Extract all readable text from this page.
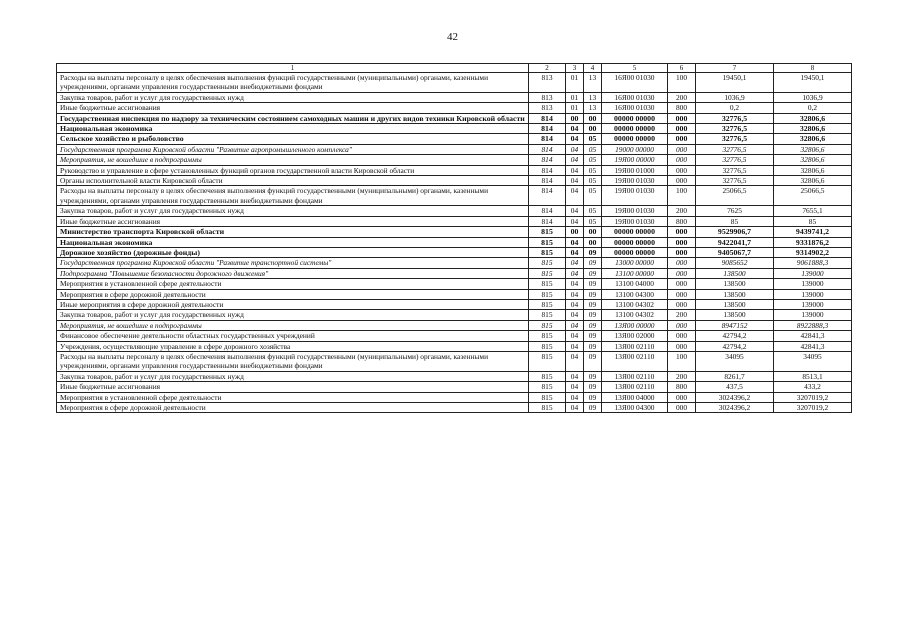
42
1	2	3	4	5	6	7	8
Расходы на выплаты персоналу в целях обеспечения выполнения функций государственными (муниципальными) органами, казенными учреждениями, органами управления государственными внебюджетными фондами	813	01	13	16Я00 01030	100	19450,1	19450,1
Закупка товаров, работ и услуг для государственных нужд	813	01	13	16Я00 01030	200	1036,9	1036,9
Иные бюджетные ассигнования	813	01	13	16Я00 01030	800	0,2	0,2
Государственная инспекция по надзору за техническим состоянием самоходных машин и других видов техники Кировской области	814	00	00	00000 00000	000	32776,5	32806,6
Национальная экономика	814	04	00	00000 00000	000	32776,5	32806,6
Сельское хозяйство и рыболовство	814	04	05	00000 00000	000	32776,5	32806,6
Государственная программа Кировской области "Развитие агропромышленного комплекса"	814	04	05	19000 00000	000	32776,5	32806,6
Мероприятия, не вошедшие в подпрограммы	814	04	05	19Я00 00000	000	32776,5	32806,6
Руководство и управление в сфере установленных функций органов государственной власти Кировской области	814	04	05	19Я00 01000	000	32776,5	32806,6
Органы исполнительной власти Кировской области	814	04	05	19Я00 01030	000	32776,5	32806,6
Расходы на выплаты персоналу в целях обеспечения выполнения функций государственными (муниципальными) органами, казенными учреждениями, органами управления государственными внебюджетными фондами	814	04	05	19Я00 01030	100	25066,5	25066,5
Закупка товаров, работ и услуг для государственных нужд	814	04	05	19Я00 01030	200	7625	7655,1
Иные бюджетные ассигнования	814	04	05	19Я00 01030	800	85	85
Министерство транспорта Кировской области	815	00	00	00000 00000	000	9529906,7	9439741,2
Национальная экономика	815	04	00	00000 00000	000	9422041,7	9331876,2
Дорожное хозяйство (дорожные фонды)	815	04	09	00000 00000	000	9405067,7	9314902,2
Государственная программа Кировской области "Развитие транспортной системы"	815	04	09	13000 00000	000	9085652	9061888,3
Подпрограмма "Повышение безопасности дорожного движения"	815	04	09	13100 00000	000	138500	139000
Мероприятия в установленной сфере деятельности	815	04	09	13100 04000	000	138500	139000
Мероприятия в сфере дорожной деятельности	815	04	09	13100 04300	000	138500	139000
Иные мероприятия в сфере дорожной деятельности	815	04	09	13100 04302	000	138500	139000
Закупка товаров, работ и услуг для государственных нужд	815	04	09	13100 04302	200	138500	139000
Мероприятия, не вошедшие в подпрограммы	815	04	09	13Я00 00000	000	8947152	8922888,3
Финансовое обеспечение деятельности областных государственных учреждений	815	04	09	13Я00 02000	000	42794,2	42841,3
Учреждения, осуществляющие управление в сфере дорожного хозяйства	815	04	09	13Я00 02110	000	42794,2	42841,3
Расходы на выплаты персоналу в целях обеспечения выполнения функций государственными (муниципальными) органами, казенными учреждениями, органами управления государственными внебюджетными фондами	815	04	09	13Я00 02110	100	34095	34095
Закупка товаров, работ и услуг для государственных нужд	815	04	09	13Я00 02110	200	8261,7	8513,1
Иные бюджетные ассигнования	815	04	09	13Я00 02110	800	437,5	433,2
Мероприятия в установленной сфере деятельности	815	04	09	13Я00 04000	000	3024396,2	3207019,2
Мероприятия в сфере дорожной деятельности	815	04	09	13Я00 04300	000	3024396,2	3207019,2
